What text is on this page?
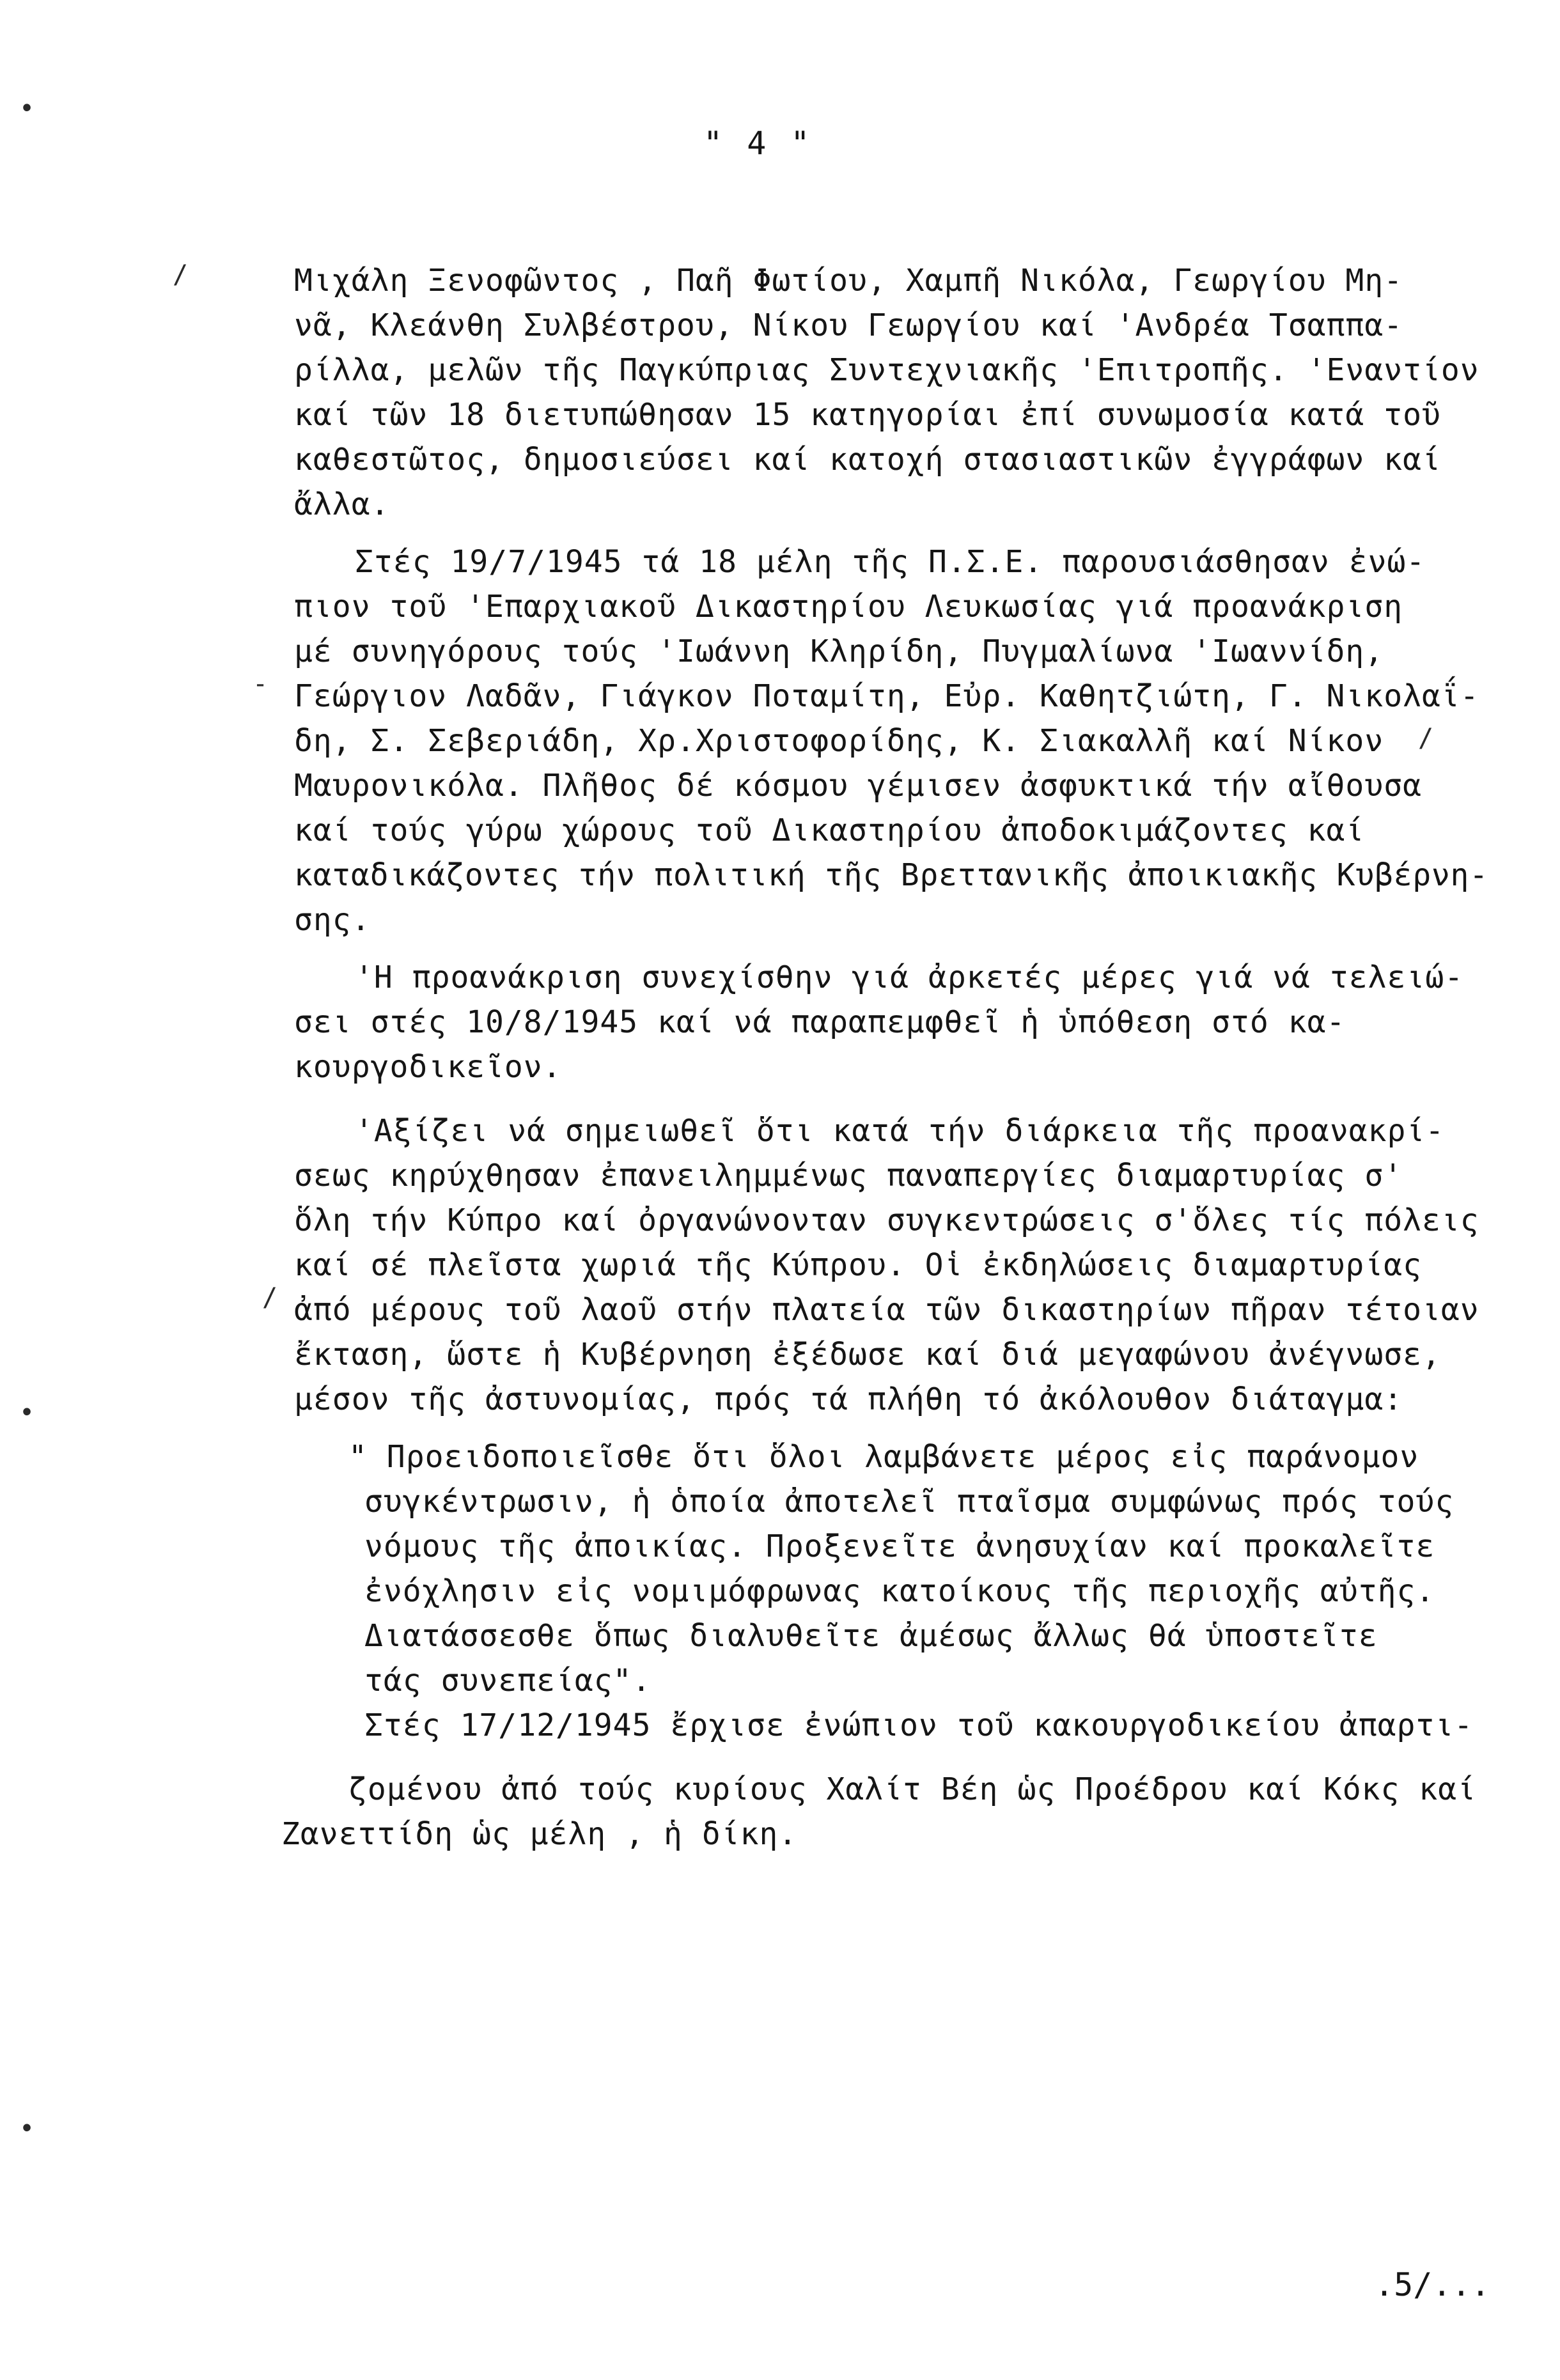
" 4 "
/
-
/
/
•
•
•
Μιχάλη Ξενοφῶντος , Παῆ Φωτίου, Χαμπῆ Νικόλα, Γεωργίου Μη-
νᾶ, Κλεάνθη Συλβέστρου, Νίκου Γεωργίου καί 'Ανδρέα Τσαππα-
ρίλλα, μελῶν τῆς Παγκύπριας Συντεχνιακῆς 'Επιτροπῆς. 'Εναντίον
καί τῶν 18 διετυπώθησαν 15 κατηγορίαι ἐπί συνωμοσία κατά τοῦ
καθεστῶτος, δημοσιεύσει καί κατοχή στασιαστικῶν ἐγγράφων καί
ἄλλα.
Στές 19/7/1945 τά 18 μέλη τῆς Π.Σ.Ε. παρουσιάσθησαν ἐνώ-
πιον τοῦ 'Επαρχιακοῦ Δικαστηρίου Λευκωσίας γιά προανάκριση
μέ συνηγόρους τούς 'Ιωάννη Κληρίδη, Πυγμαλίωνα 'Ιωαννίδη,
Γεώργιον Λαδᾶν, Γιάγκον Ποταμίτη, Εὐρ. Καθητζιώτη, Γ. Νικολαΐ-
δη, Σ. Σεβεριάδη, Χρ.Χριστοφορίδης, Κ. Σιακαλλῆ καί Νίκον
Μαυρονικόλα. Πλῆθος δέ κόσμου γέμισεν ἀσφυκτικά τήν αἴθουσα
καί τούς γύρω χώρους τοῦ Δικαστηρίου ἀποδοκιμάζοντες καί
καταδικάζοντες τήν πολιτική τῆς Βρεττανικῆς ἀποικιακῆς Κυβέρνη-
σης.
'Η προανάκριση συνεχίσθην γιά ἀρκετές μέρες γιά νά τελειώ-
σει στές 10/8/1945 καί νά παραπεμφθεῖ ἡ ὑπόθεση στό κα-
κουργοδικεῖον.
'Αξίζει νά σημειωθεῖ ὅτι κατά τήν διάρκεια τῆς προανακρί-
σεως κηρύχθησαν ἐπανειλημμένως παναπεργίες διαμαρτυρίας σ'
ὅλη τήν Κύπρο καί ὀργανώνονταν συγκεντρώσεις σ'ὅλες τίς πόλεις
καί σέ πλεῖστα χωριά τῆς Κύπρου. Οἱ ἐκδηλώσεις διαμαρτυρίας
ἀπό μέρους τοῦ λαοῦ στήν πλατεία τῶν δικαστηρίων πῆραν τέτοιαν
ἔκταση, ὥστε ἡ Κυβέρνηση ἐξέδωσε καί διά μεγαφώνου ἀνέγνωσε,
μέσον τῆς ἀστυνομίας, πρός τά πλήθη τό ἀκόλουθον διάταγμα:
" Προειδοποιεῖσθε ὅτι ὅλοι λαμβάνετε μέρος εἰς παράνομον
συγκέντρωσιν, ἡ ὁποία ἀποτελεῖ πταῖσμα συμφώνως πρός τούς
νόμους τῆς ἀποικίας. Προξενεῖτε ἀνησυχίαν καί προκαλεῖτε
ἐνόχλησιν εἰς νομιμόφρωνας κατοίκους τῆς περιοχῆς αὐτῆς.
Διατάσσεσθε ὅπως διαλυθεῖτε ἀμέσως ἄλλως θά ὑποστεῖτε
τάς συνεπείας".
Στές 17/12/1945 ἔρχισε ἐνώπιον τοῦ κακουργοδικείου ἀπαρτι-
ζομένου ἀπό τούς κυρίους Χαλίτ Βέη ὡς Προέδρου καί Κόκς καί
Ζανεττίδη ὡς μέλη , ἡ δίκη.
.5/...
